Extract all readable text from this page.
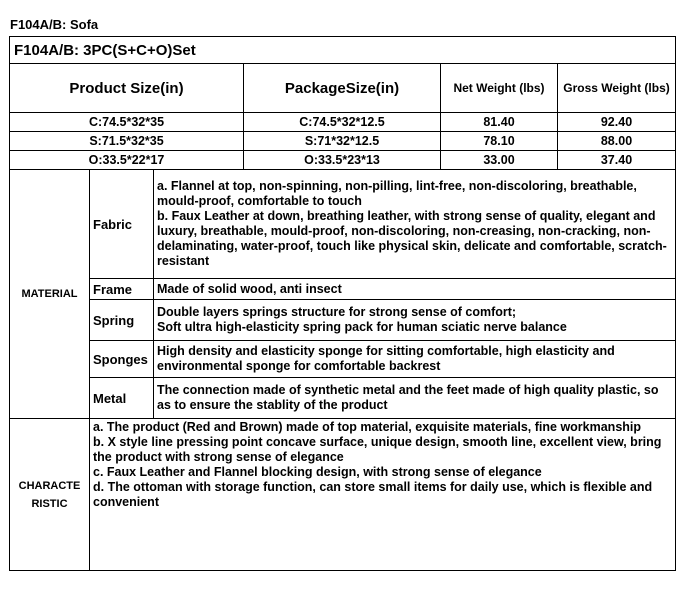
F104A/B: Sofa
F104A/B: 3PC(S+C+O)Set					
Product Size(in)			PackageSize(in)	Net Weight (lbs)	Gross Weight (lbs)
C:74.5*32*35			C:74.5*32*12.5	81.40	92.40
S:71.5*32*35			S:71*32*12.5	78.10	88.00
O:33.5*22*17			O:33.5*23*13	33.00	37.40
MATERIAL	Fabric	a. Flannel at top, non-spinning, non-pilling, lint-free, non-discoloring, breathable, mould-proof, comfortable to touch
b. Faux Leather at down, breathing leather, with strong sense of quality, elegant and luxury, breathable, mould-proof, non-discoloring, non-creasing, non-cracking, non-delaminating, water-proof, touch like physical skin, delicate and comfortable, scratch-resistant			

	Frame	Made of solid wood, anti insect			
	Spring	Double layers springs structure for strong sense of comfort;
Soft ultra high-elasticity spring pack for human sciatic nerve balance			

	Sponges	High density and elasticity sponge for sitting comfortable, high elasticity and environmental sponge for comfortable backrest			
	Metal	The connection made of synthetic metal and the feet made of high quality plastic, so as to ensure the stablity of the product			

CHARACTE
RISTIC	a. The product (Red and Brown) made of top material, exquisite materials, fine workmanship
b. X style line pressing point concave surface, unique design, smooth line, excellent view, bring the product with strong sense of elegance
c. Faux Leather and Flannel blocking design, with strong sense of elegance
d. The ottoman with storage function, can store small items for daily use, which is flexible and convenient				
